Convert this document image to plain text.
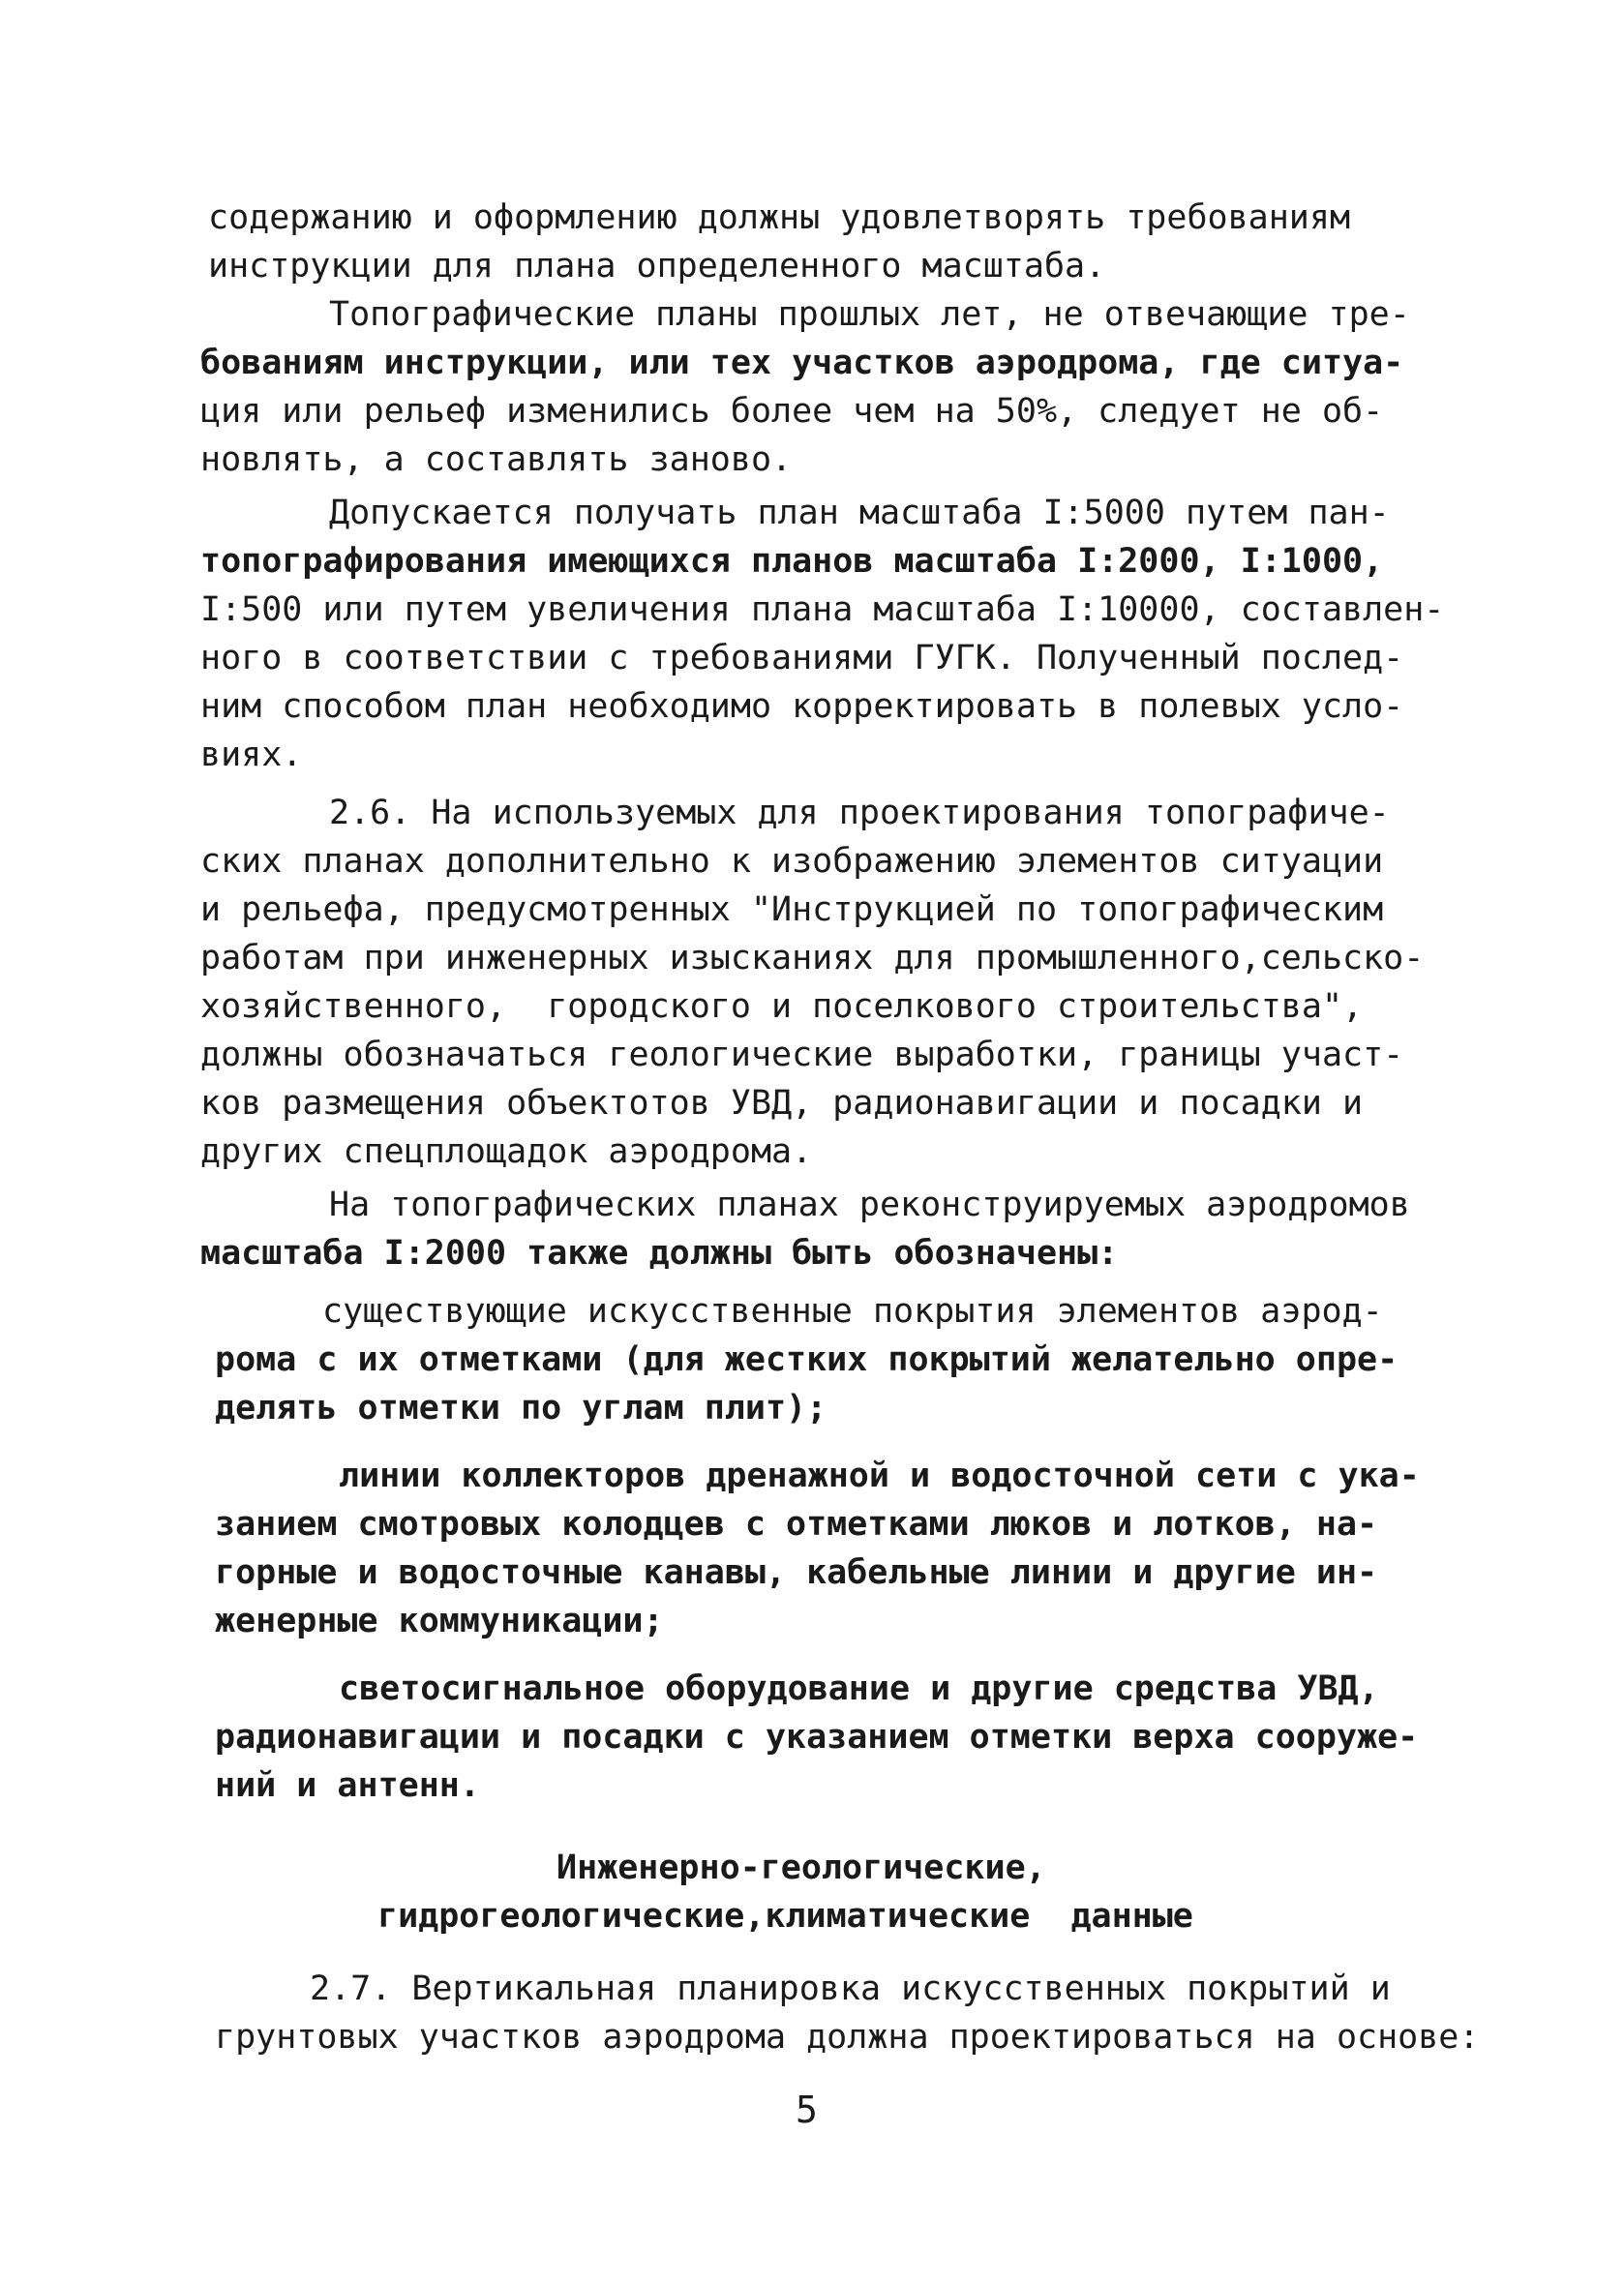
содержанию и оформлению должны удовлетворять требованиям
инструкции для плана определенного масштаба.
Топографические планы прошлых лет, не отвечающие тре-
бованиям инструкции, или тех участков аэродрома, где ситуа-
ция или рельеф изменились более чем на 50%, следует не об-
новлять, а составлять заново.
Допускается получать план масштаба I:5000 путем пан-
топографирования имеющихся планов масштаба I:2000, I:1000,
I:500 или путем увеличения плана масштаба I:10000, составлен-
ного в соответствии с требованиями ГУГК. Полученный послед-
ним способом план необходимо корректировать в полевых усло-
виях.
2.6. На используемых для проектирования топографиче-
ских планах дополнительно к изображению элементов ситуации
и рельефа, предусмотренных "Инструкцией по топографическим
работам при инженерных изысканиях для промышленного,сельско-
хозяйственного,  городского и поселкового строительства",
должны обозначаться геологические выработки, границы участ-
ков размещения объектотов УВД, радионавигации и посадки и
других спецплощадок аэродрома.
На топографических планах реконструируемых аэродромов
масштаба I:2000 также должны быть обозначены:
существующие искусственные покрытия элементов аэрод-
рома с их отметками (для жестких покрытий желательно опре-
делять отметки по углам плит);
линии коллекторов дренажной и водосточной сети с ука-
занием смотровых колодцев с отметками люков и лотков, на-
горные и водосточные канавы, кабельные линии и другие ин-
женерные коммуникации;
светосигнальное оборудование и другие средства УВД,
радионавигации и посадки с указанием отметки верха сооруже-
ний и антенн.
Инженерно-геологические,
гидрогеологические,климатические  данные
2.7. Вертикальная планировка искусственных покрытий и
грунтовых участков аэродрома должна проектироваться на основе:
5
